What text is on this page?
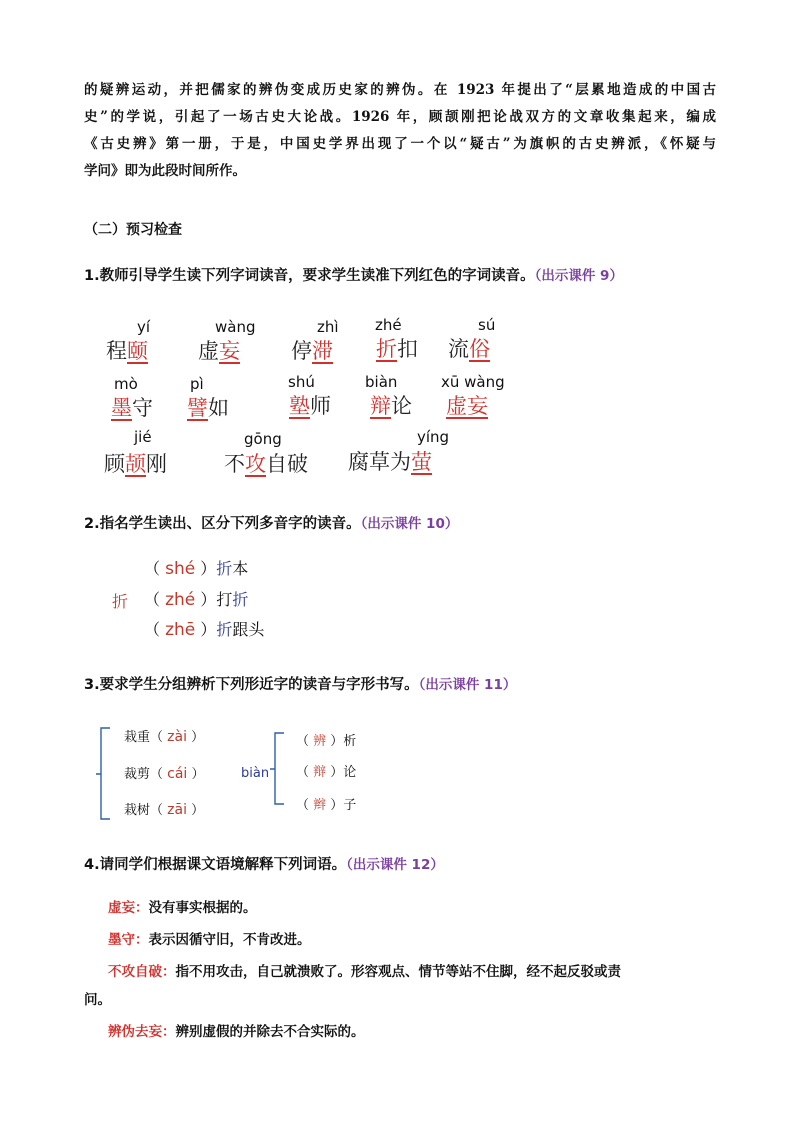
的疑辨运动，并把儒家的辨伪变成历史家的辨伪。在 1923 年提出了“层累地造成的中国古
史”的学说，引起了一场古史大论战。1926 年，顾颉刚把论战双方的文章收集起来，编成
《古史辨》第一册，于是，中国史学界出现了一个以“疑古”为旗帜的古史辨派，《怀疑与
学问》即为此段时间所作。
（二）预习检查
1.教师引导学生读下列字词读音，要求学生读准下列红色的字词读音。（出示课件 9）
yí
程颐
wàng
虚妄
zhì
停滞
zhé
折扣
sú
流俗
mò
墨守
pì
譬如
shú
塾师
biàn
辩论
xū wàng
虚妄
jié
顾颉刚
gōng
不攻自破
yíng
腐草为萤
2.指名学生读出、区分下列多音字的读音。（出示课件 10）
折
（ shé ）折本
（ zhé ）打折
（ zhē ）折跟头
3.要求学生分组辨析下列形近字的读音与字形书写。（出示课件 11）
栽重（ zài ）
裁剪（ cái ）
栽树（ zāi ）
biàn
（ 辨 ）析
（ 辩 ）论
（ 辫 ）子
4.请同学们根据课文语境解释下列词语。（出示课件 12）
虚妄：没有事实根据的。
墨守：表示因循守旧，不肯改进。
不攻自破：指不用攻击，自己就溃败了。形容观点、情节等站不住脚，经不起反驳或责
问。
辨伪去妄：辨别虚假的并除去不合实际的。
